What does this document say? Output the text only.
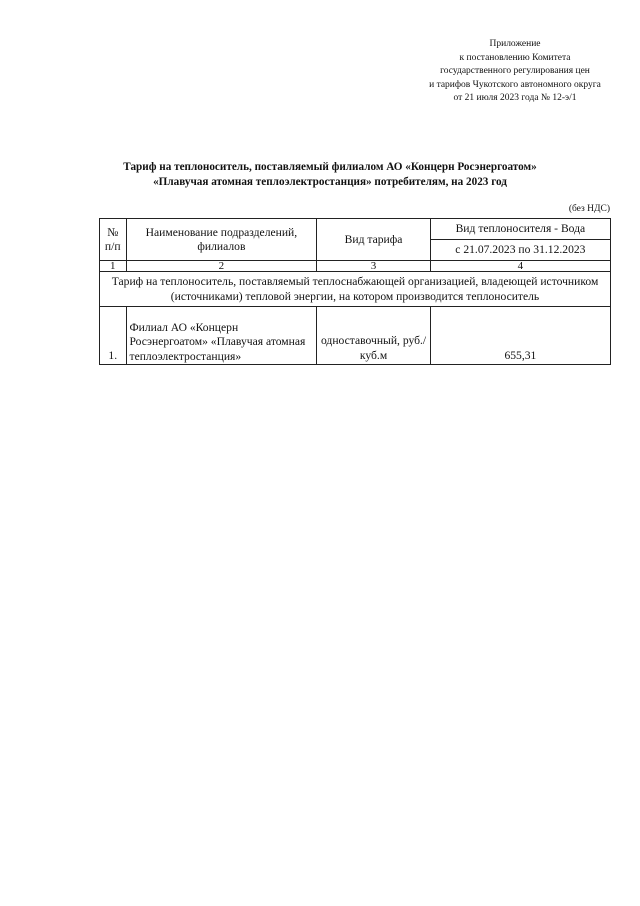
Приложение
к постановлению Комитета
государственного регулирования цен
и тарифов Чукотского автономного округа
от 21 июля 2023 года № 12-э/1
Тариф на теплоноситель, поставляемый филиалом АО «Концерн Росэнергоатом»
«Плавучая атомная теплоэлектростанция» потребителям, на 2023 год
(без НДС)
№ п/п	Наименование подразделений, филиалов	Вид тарифа	Вид теплоносителя - Вода
			с 21.07.2023 по 31.12.2023
1	2	3	4
Тариф на теплоноситель, поставляемый теплоснабжающей организацией, владеющей источником (источниками) тепловой энергии, на котором производится теплоноситель			
1.	Филиал АО «Концерн Росэнергоатом» «Плавучая атомная теплоэлектростанция»	одноставочный, руб./куб.м	655,31
